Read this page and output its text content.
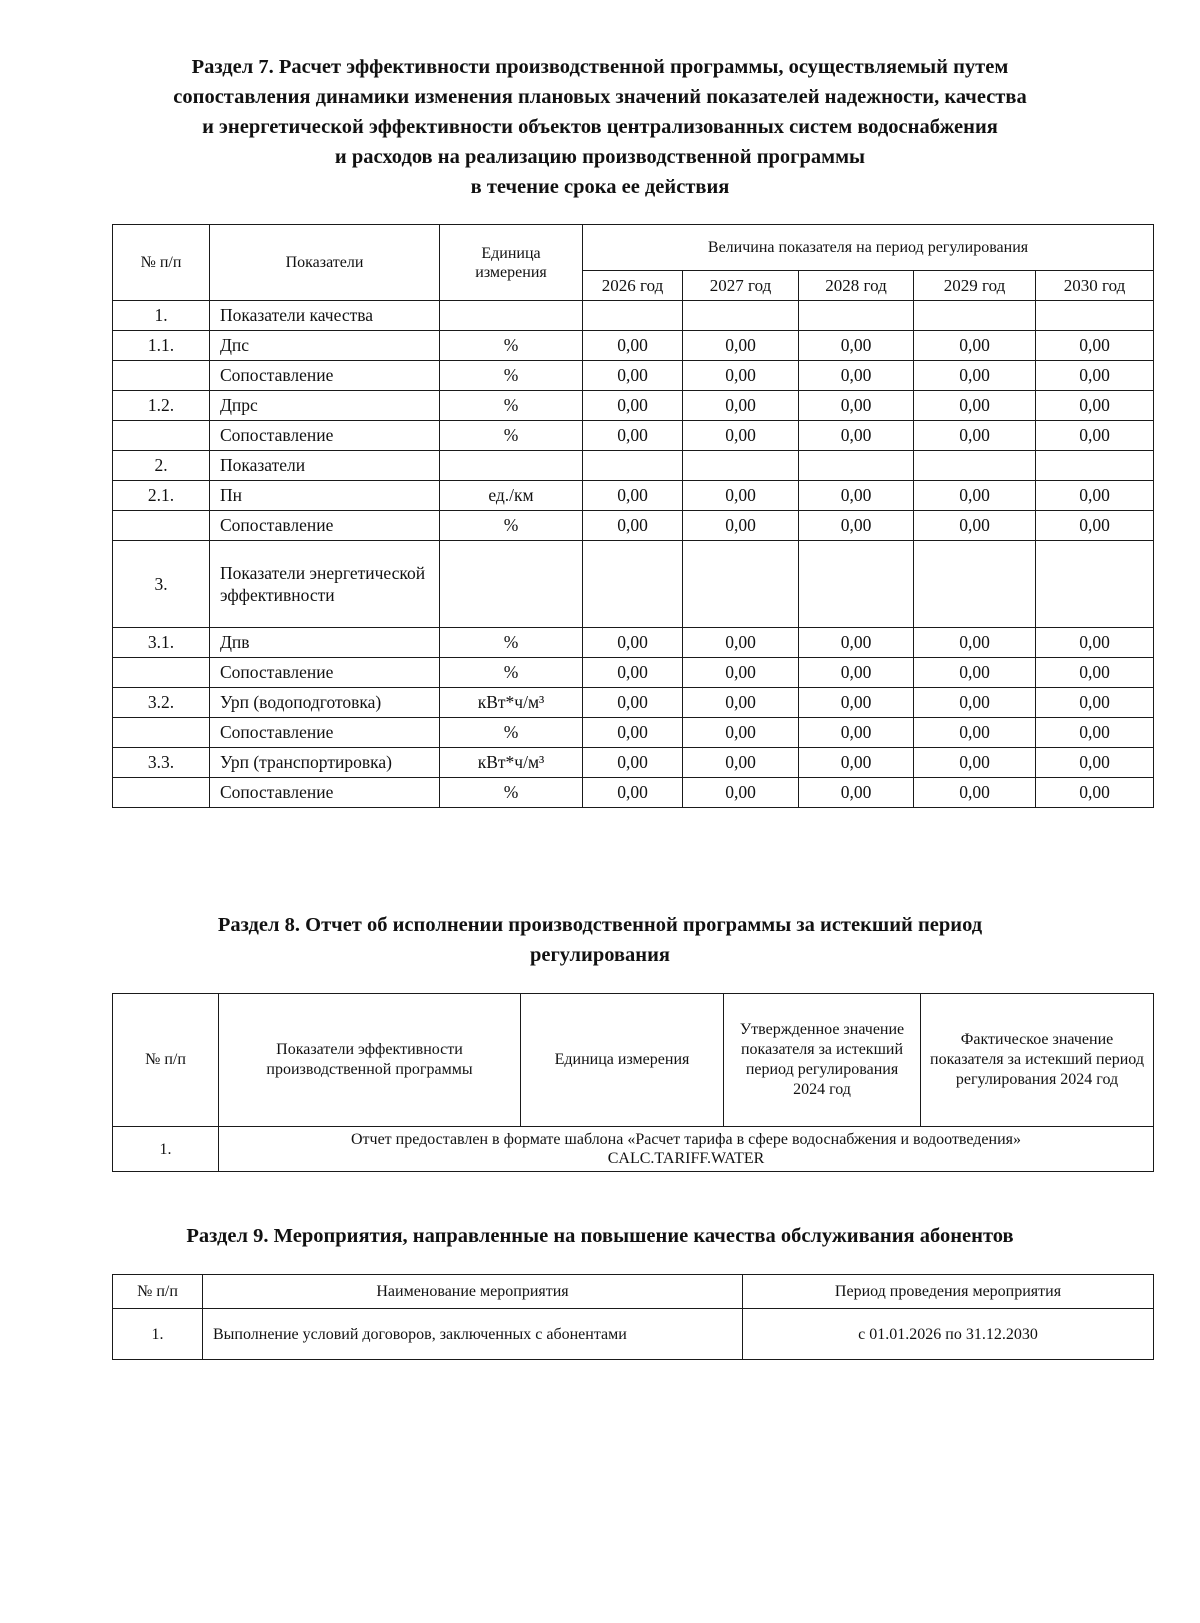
Раздел 7. Расчет эффективности производственной программы, осуществляемый путем
сопоставления динамики изменения плановых значений показателей надежности, качества
и энергетической эффективности объектов централизованных систем водоснабжения
и расходов на реализацию производственной программы
в течение срока ее действия
№ п/п	Показатели	Единица измерения	Величина показателя на период регулирования				
			2026 год	2027 год	2028 год	2029 год	2030 год
1.	Показатели качества						
1.1.	Дпс	%	0,00	0,00	0,00	0,00	0,00
	Сопоставление	%	0,00	0,00	0,00	0,00	0,00
1.2.	Дпрс	%	0,00	0,00	0,00	0,00	0,00
	Сопоставление	%	0,00	0,00	0,00	0,00	0,00
2.	Показатели						
2.1.	Пн	ед./км	0,00	0,00	0,00	0,00	0,00
	Сопоставление	%	0,00	0,00	0,00	0,00	0,00
3.	Показатели энергетической эффективности						
3.1.	Дпв	%	0,00	0,00	0,00	0,00	0,00
	Сопоставление	%	0,00	0,00	0,00	0,00	0,00
3.2.	Урп (водоподготовка)	кВт*ч/м³	0,00	0,00	0,00	0,00	0,00
	Сопоставление	%	0,00	0,00	0,00	0,00	0,00
3.3.	Урп (транспортировка)	кВт*ч/м³	0,00	0,00	0,00	0,00	0,00
	Сопоставление	%	0,00	0,00	0,00	0,00	0,00
Раздел 8. Отчет об исполнении производственной программы за истекший период
регулирования
№ п/п	Показатели эффективности производственной программы	Единица измерения	Утвержденное значение показателя за истекший период регулирования 2024 год	Фактическое значение показателя за истекший период регулирования 2024 год
1.	Отчет предоставлен в формате шаблона «Расчет тарифа в сфере водоснабжения и водоотведения»
CALC.TARIFF.WATER			
Раздел 9. Мероприятия, направленные на повышение качества обслуживания абонентов
№ п/п	Наименование мероприятия	Период проведения мероприятия
1.	Выполнение условий договоров, заключенных с абонентами	с 01.01.2026 по 31.12.2030
